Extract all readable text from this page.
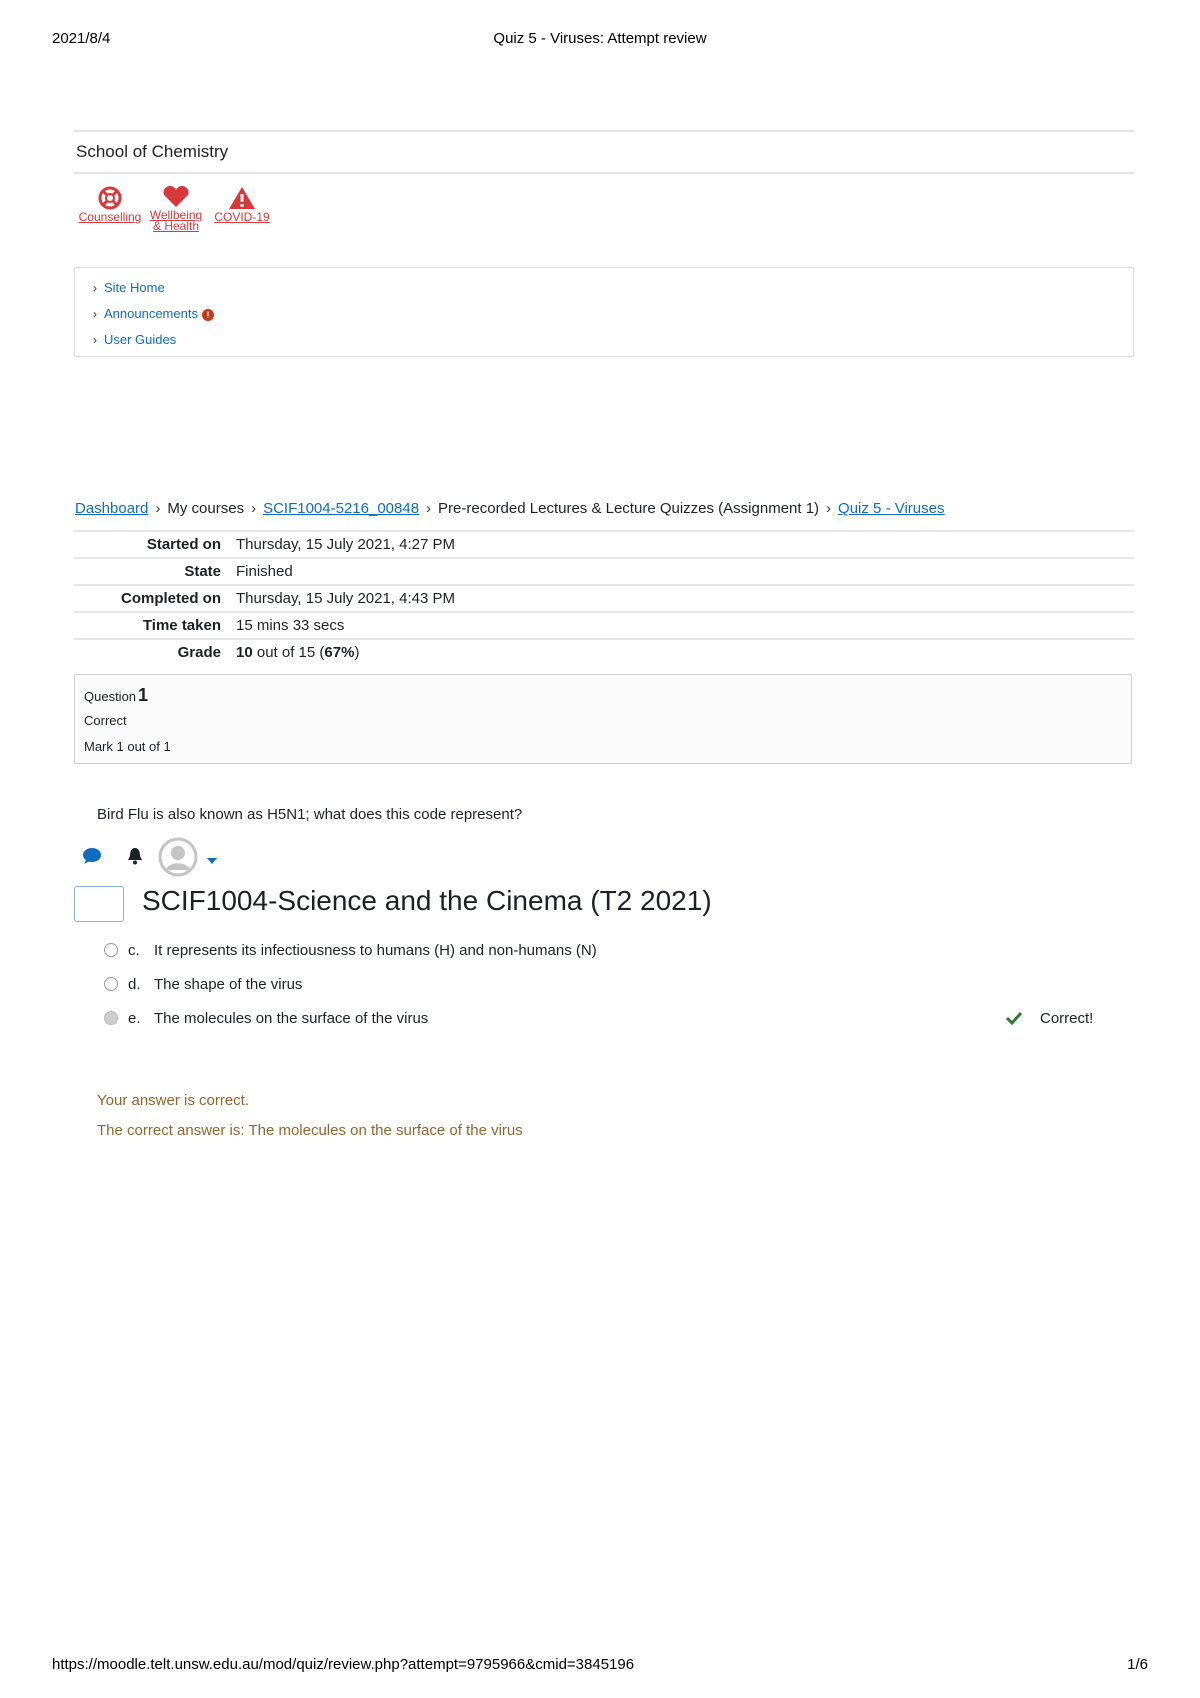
2021/8/4	Quiz 5 - Viruses: Attempt review
School of Chemistry
Counselling Wellbeing
& Health
COVID-19
› Site Home
› Announcements !
› User Guides
Dashboard › My courses › SCIF1004-5216_00848 › Pre-recorded Lectures & Lecture Quizzes (Assignment 1) › Quiz 5 - Viruses
Started on Thursday, 15 July 2021, 4:27 PM
State Finished
Completed on Thursday, 15 July 2021, 4:43 PM
Time taken 15 mins 33 secs
Grade 10 out of 15 (67%)
Question 1
Correct
Mark 1 out of 1
Bird Flu is also known as H5N1; what does this code represent?
SCIF1004-Science and the Cinema (T2 2021)
c. It represents its infectiousness to humans (H) and non-humans (N)
d. The shape of the virus
e. The molecules on the surface of the virus	Correct!
Your answer is correct.
The correct answer is: The molecules on the surface of the virus
https://moodle.telt.unsw.edu.au/mod/quiz/review.php?attempt=9795966&cmid=3845196	1/6
